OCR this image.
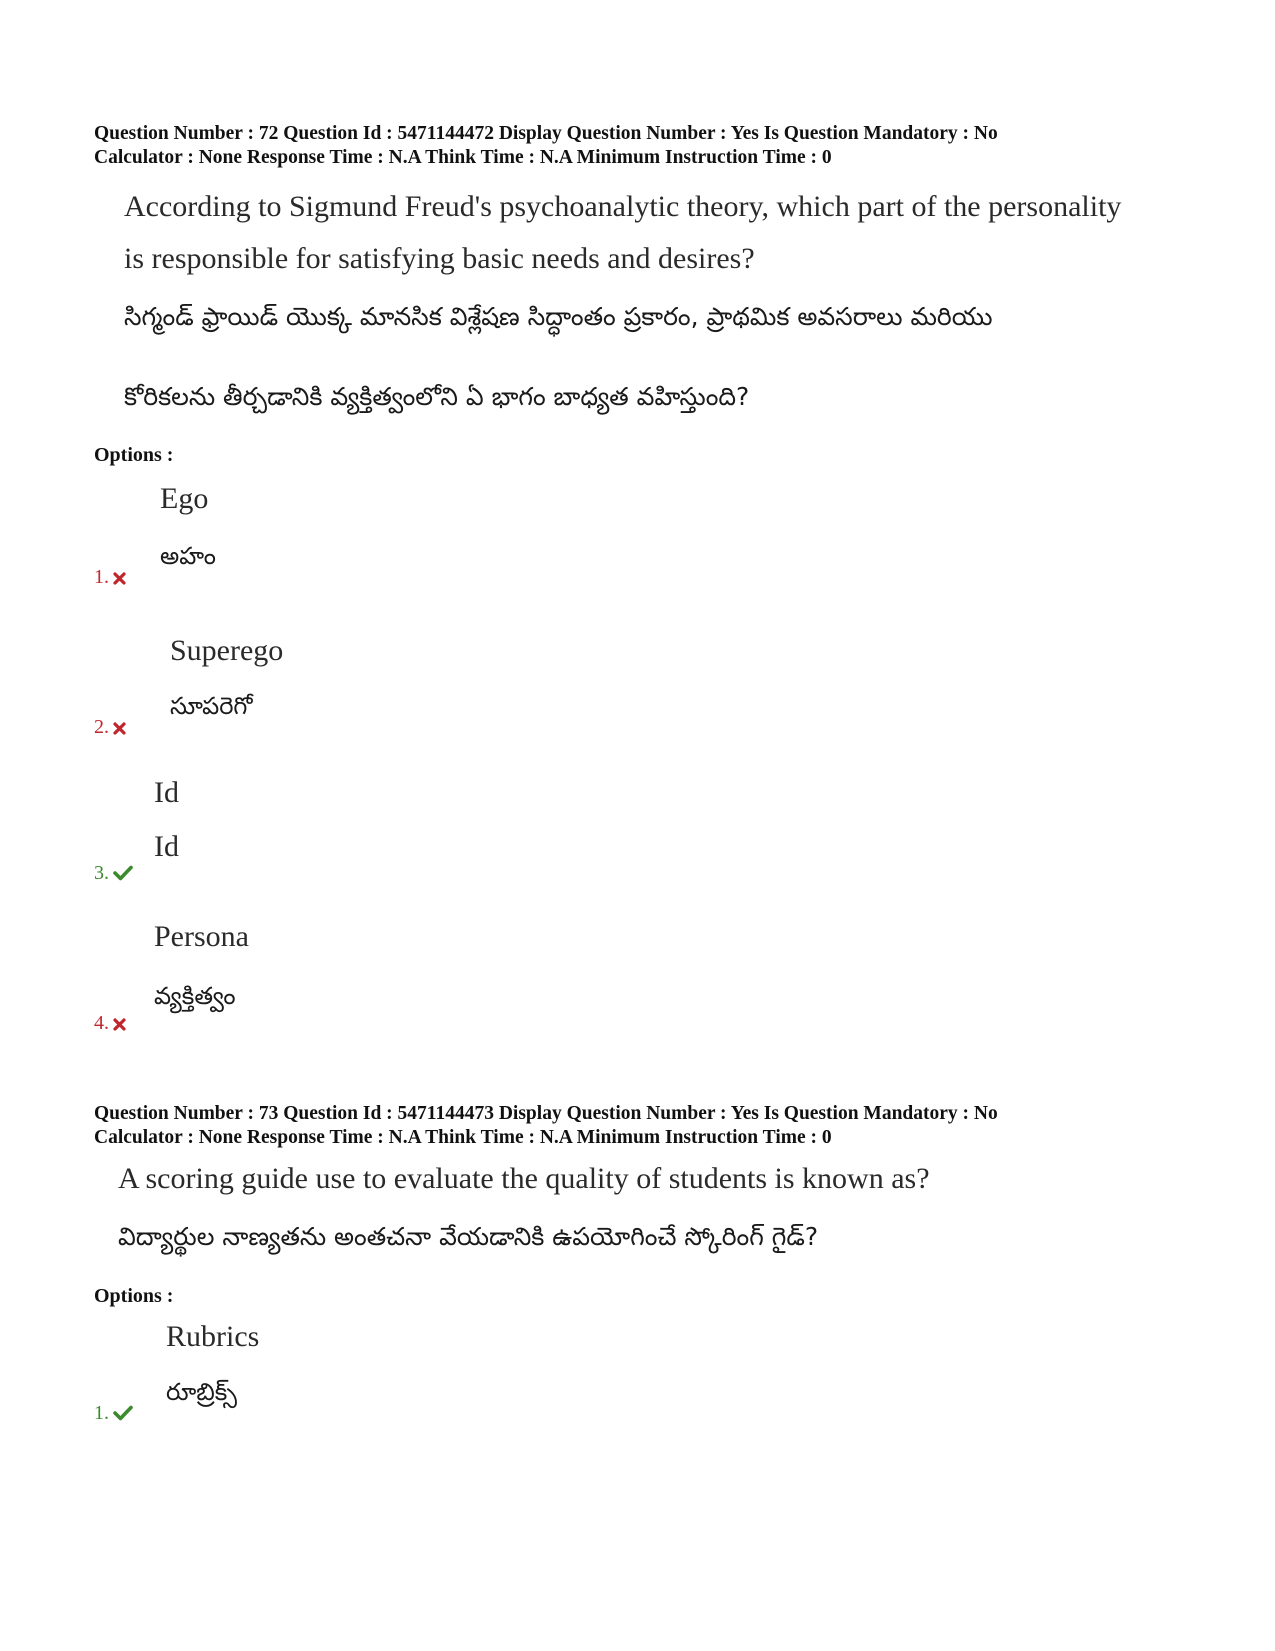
Question Number : 72 Question Id : 5471144472 Display Question Number : Yes Is Question Mandatory : No
Calculator : None Response Time : N.A Think Time : N.A Minimum Instruction Time : 0
According to Sigmund Freud's psychoanalytic theory, which part of the personality
is responsible for satisfying basic needs and desires?
సిగ్మండ్ ఫ్రాయిడ్ యొక్క మానసిక విశ్లేషణ సిద్ధాంతం ప్రకారం, ప్రాథమిక అవసరాలు మరియు
కోరికలను తీర్చడానికి వ్యక్తిత్వంలోని ఏ భాగం బాధ్యత వహిస్తుంది?
Options :
Ego
అహం
1.
Superego
సూపరెగో
2.
Id
Id
3.
Persona
వ్యక్తిత్వం
4.
Question Number : 73 Question Id : 5471144473 Display Question Number : Yes Is Question Mandatory : No
Calculator : None Response Time : N.A Think Time : N.A Minimum Instruction Time : 0
A scoring guide use to evaluate the quality of students is known as?
విద్యార్థుల నాణ్యతను అంతచనా వేయడానికి ఉపయోగించే స్కోరింగ్ గైడ్?
Options :
Rubrics
రూబ్రిక్స్
1.
